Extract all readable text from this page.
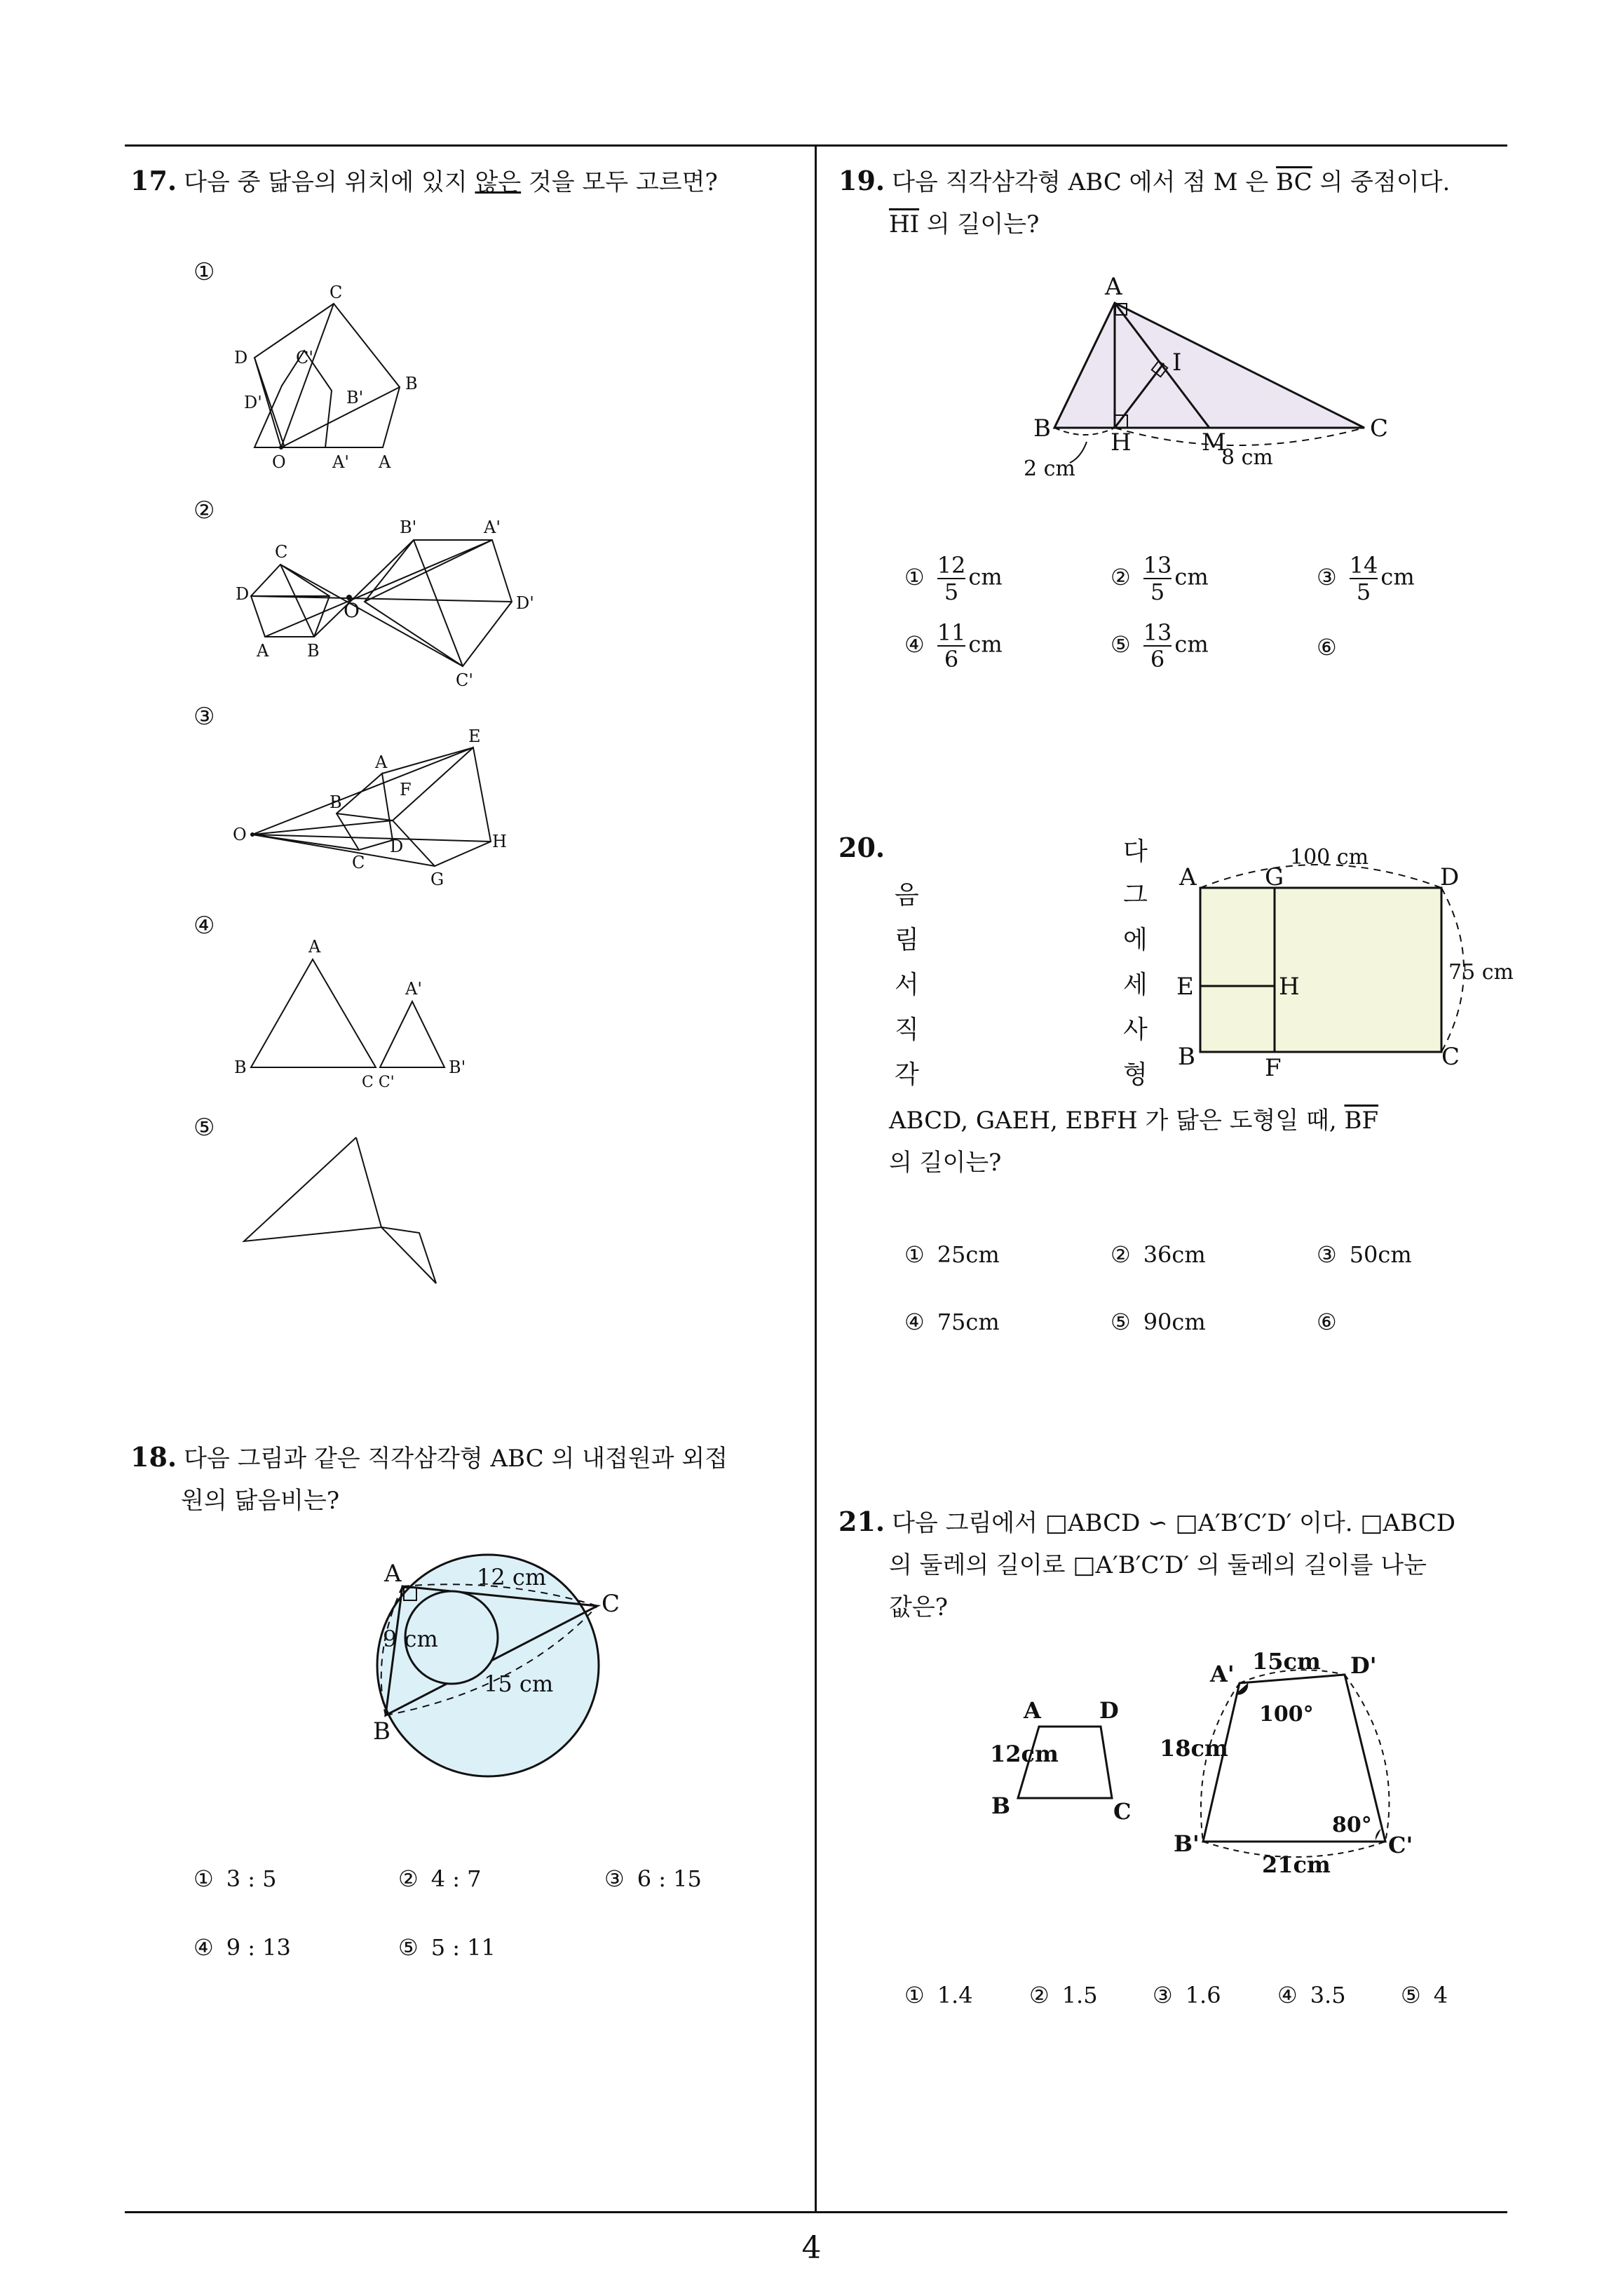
17. 다음 중 닮음의 위치에 있지 않은 것을 모두 고르면?
①
C
C'
D
D'
B
B'
O	A' A
②
B'	A'
C
D
O	D'
A B
C'
③
E
A
B
F
O
D	H
C
G
④
A
A'
B
C C'
B'
⑤
18. 다음 그림과 같은 직각삼각형 ABC 의 내접원과 외접
원의 닮음비는?
A
B
C
9 cm
12 cm
15 cm
① 3 : 5	② 4 : 7	③ 6 : 15
④ 9 : 13	⑤ 5 : 11
19. 다음 직각삼각형 ABC 에서 점 M 은 $\overline{BC}$ 의 중점이다.
$\overline{HI}$ 의 길이는?
A
B	C
H
I
M
2 cm	8 cm
① $\frac{12}{5}$ cm	② $\frac{13}{5}$ cm	③ $\frac{14}{5}$ cm
④ $\frac{11}{6}$ cm	⑤ $\frac{13}{6}$ cm	⑥
20.
음
림
서
직
각
다
그
에
세
사
형
A	G	D
E	H
B	F	C
100 cm
75 cm
ABCD, GAEH, EBFH 가 닮은 도형일 때, $\overline{BF}$
의 길이는?
① 25cm	② 36cm	③ 50cm
④ 75cm	⑤ 90cm	⑥
21. 다음 그림에서 □ABCD ∽ □A′B′C′D′ 이다. □ABCD
의 둘레의 길이로 □A′B′C′D′ 의 둘레의 길이를 나눈
값은?
A	D
B	C
12cm
A'	D'
B'	C'
15cm
18cm
21cm
100°
80°
① 1.4	② 1.5 ③ 1.6	④ 3.5 ⑤ 4
4
